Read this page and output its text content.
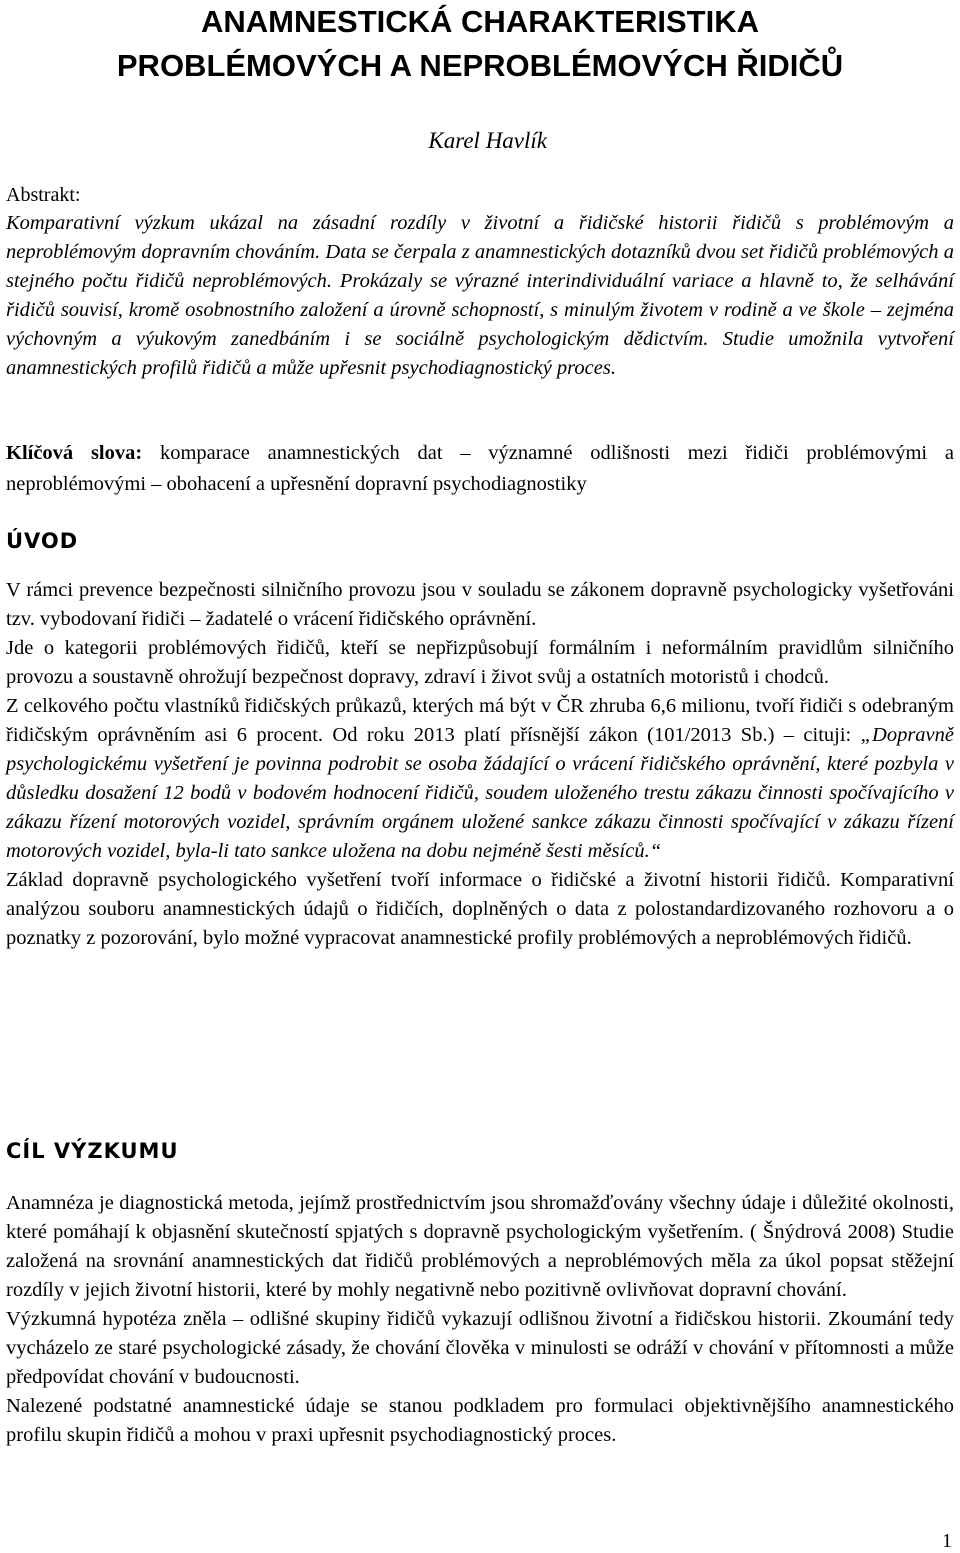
ANAMNESTICKÁ CHARAKTERISTIKA
PROBLÉMOVÝCH A NEPROBLÉMOVÝCH ŘIDIČŮ
Karel Havlík
Abstrakt:

Komparativní výzkum ukázal na zásadní rozdíly v životní a řidičské historii řidičů s problémovým a neproblémovým dopravním chováním. Data se čerpala z anamnestických dotazníků dvou set řidičů problémových a stejného počtu řidičů neproblémových. Prokázaly se výrazné interindividuální variace a hlavně to, že selhávání řidičů souvisí, kromě osobnostního založení a úrovně schopností, s minulým životem v rodině a ve škole – zejména výchovným a výukovým zanedbáním i se sociálně psychologickým dědictvím. Studie umožnila vytvoření anamnestických profilů řidičů a může upřesnit psychodiagnostický proces.

Klíčová slova: komparace anamnestických dat – významné odlišnosti mezi řidiči problémovými a neproblémovými – obohacení a upřesnění dopravní psychodiagnostiky

ÚVOD

V rámci prevence bezpečnosti silničního provozu jsou v souladu se zákonem dopravně psychologicky vyšetřováni tzv. vybodovaní řidiči – žadatelé o vrácení řidičského oprávnění.

Jde o kategorii problémových řidičů, kteří se nepřizpůsobují formálním i neformálním pravidlům silničního provozu a soustavně ohrožují bezpečnost dopravy, zdraví i život svůj a ostatních motoristů i chodců.

Z celkového počtu vlastníků řidičských průkazů, kterých má být v ČR zhruba 6,6 milionu, tvoří řidiči s odebraným řidičským oprávněním asi 6 procent. Od roku 2013 platí přísnější zákon (101/2013 Sb.) – cituji: „Dopravně psychologickému vyšetření je povinna podrobit se osoba žádající o vrácení řidičského oprávnění, které pozbyla v důsledku dosažení 12 bodů v bodovém hodnocení řidičů, soudem uloženého trestu zákazu činnosti spočívajícího v zákazu řízení motorových vozidel, správním orgánem uložené sankce zákazu činnosti spočívající v zákazu řízení motorových vozidel, byla-li tato sankce uložena na dobu nejméně šesti měsíců.“

Základ dopravně psychologického vyšetření tvoří informace o řidičské a životní historii řidičů. Komparativní analýzou souboru anamnestických údajů o řidičích, doplněných o data z polostandardizovaného rozhovoru a o poznatky z pozorování, bylo možné vypracovat anamnestické profily problémových a neproblémových řidičů.

CÍL VÝZKUMU

Anamnéza je diagnostická metoda, jejímž prostřednictvím jsou shromažďovány všechny údaje i důležité okolnosti, které pomáhají k objasnění skutečností spjatých s dopravně psychologickým vyšetřením. ( Šnýdrová 2008) Studie založená na srovnání anamnestických dat řidičů problémových a neproblémových měla za úkol popsat stěžejní rozdíly v jejich životní historii, které by mohly negativně nebo pozitivně ovlivňovat dopravní chování.

Výzkumná hypotéza zněla – odlišné skupiny řidičů vykazují odlišnou životní a řidičskou historii. Zkoumání tedy vycházelo ze staré psychologické zásady, že chování člověka v minulosti se odráží v chování v přítomnosti a může předpovídat chování v budoucnosti.

Nalezené podstatné anamnestické údaje se stanou podkladem pro formulaci objektivnějšího anamnestického profilu skupin řidičů a mohou v praxi upřesnit psychodiagnostický proces.

1
